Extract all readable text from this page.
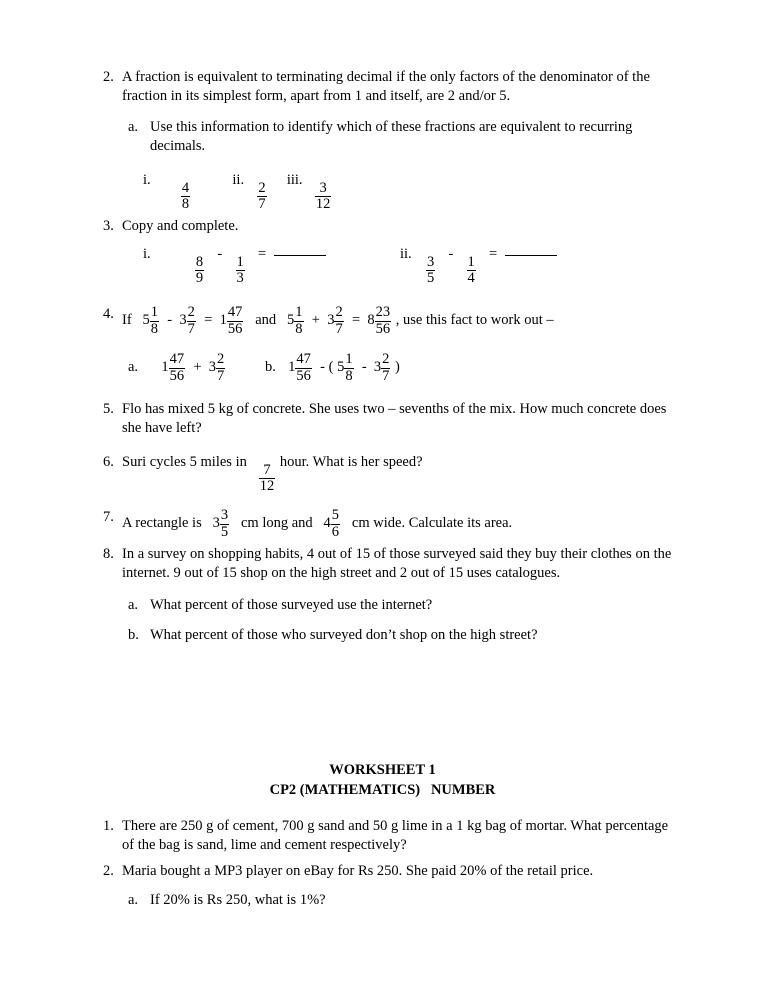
2. A fraction is equivalent to terminating decimal if the only factors of the denominator of the
fraction in its simplest form, apart from 1 and itself, are 2 and/or 5.
a. Use this information to identify which of these fractions are equivalent to recurring
decimals.
i.
$\frac{4}{8}$
ii.
$\frac{2}{7}$
iii.
$\frac{3}{12}$
3. Copy and complete.
i.
$\frac{8}{9}$
-
$\frac{1}{3}$
=	ii.
$\frac{3}{5}$
-
$\frac{1}{4}$
=
4. If $5 \frac{1}{8} - 3 \frac{2}{7} = 1 \frac{47}{56}$ and $5 \frac{1}{8} + 3 \frac{2}{7} = 8 \frac{23}{56}$ , use this fact to work out –
a. $1 \frac{47}{56} + 3 \frac{2}{7}$	b. $1 \frac{47}{56}$ - ( $5 \frac{1}{8} - 3 \frac{2}{7}$ )
5. Flo has mixed 5 kg of concrete. She uses two – sevenths of the mix. How much concrete does
she have left?
6. Suri cycles 5 miles in
$\frac{7}{12}$
hour. What is her speed?
7. A rectangle is $3 \frac{3}{5}$ cm long and $4 \frac{5}{6}$ cm wide. Calculate its area.
8. In a survey on shopping habits, 4 out of 15 of those surveyed said they buy their clothes on the
internet. 9 out of 15 shop on the high street and 2 out of 15 uses catalogues.
a. What percent of those surveyed use the internet?
b. What percent of those who surveyed don’t shop on the high street?
WORKSHEET 1
CP2 (MATHEMATICS)   NUMBER
1. There are 250 g of cement, 700 g sand and 50 g lime in a 1 kg bag of mortar. What percentage
of the bag is sand, lime and cement respectively?
2. Maria bought a MP3 player on eBay for Rs 250. She paid 20% of the retail price.
a. If 20% is Rs 250, what is 1%?
